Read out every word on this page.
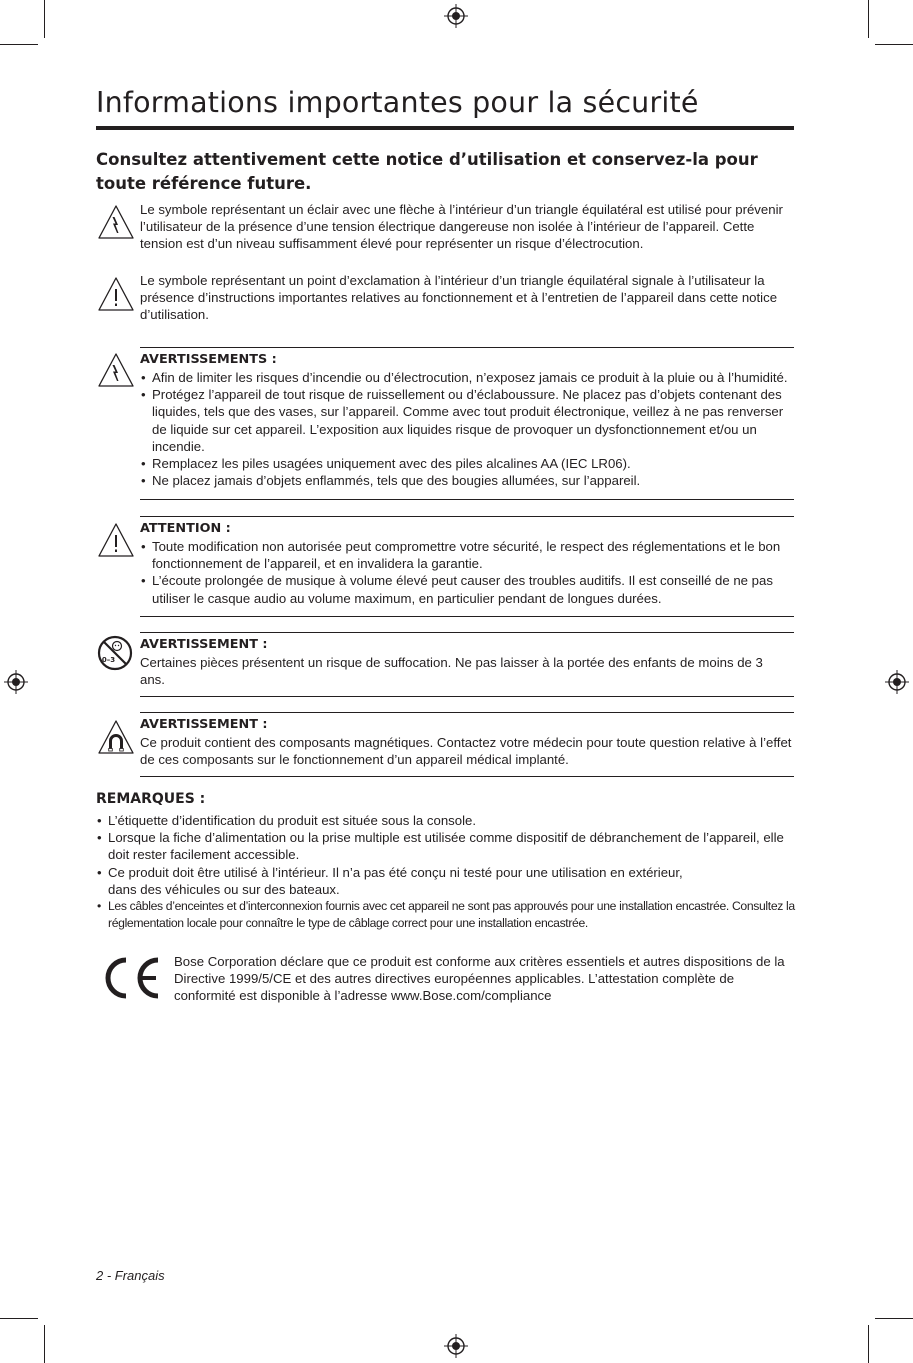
Informations importantes pour la sécurité

Consultez attentivement cette notice d’utilisation et conservez-la pour toute référence future.

Le symbole représentant un éclair avec une flèche à l’intérieur d’un triangle équilatéral est utilisé pour prévenir l’utilisateur de la présence d’une tension électrique dangereuse non isolée à l’intérieur de l’appareil. Cette tension est d’un niveau suffisamment élevé pour représenter un risque d’électrocution.
Le symbole représentant un point d’exclamation à l’intérieur d’un triangle équilatéral signale à l’utilisateur la présence d’instructions importantes relatives au fonctionnement et à l’entretien de l’appareil dans cette notice d’utilisation.
AVERTISSEMENTS :
• Afin de limiter les risques d’incendie ou d’électrocution, n’exposez jamais ce produit à la pluie ou à l’humidité.
• Protégez l’appareil de tout risque de ruissellement ou d’éclaboussure. Ne placez pas d’objets contenant des liquides, tels que des vases, sur l’appareil. Comme avec tout produit électronique, veillez à ne pas renverser de liquide sur cet appareil. L’exposition aux liquides risque de provoquer un dysfonctionnement et/ou un incendie.
• Remplacez les piles usagées uniquement avec des piles alcalines AA (IEC LR06).
• Ne placez jamais d’objets enflammés, tels que des bougies allumées, sur l’appareil.
ATTENTION :
• Toute modification non autorisée peut compromettre votre sécurité, le respect des réglementations et le bon fonctionnement de l’appareil, et en invalidera la garantie.
• L’écoute prolongée de musique à volume élevé peut causer des troubles auditifs. Il est conseillé de ne pas utiliser le casque audio au volume maximum, en particulier pendant de longues durées.
0–3
AVERTISSEMENT :
Certaines pièces présentent un risque de suffocation. Ne pas laisser à la portée des enfants de moins de 3 ans.
AVERTISSEMENT :
Ce produit contient des composants magnétiques. Contactez votre médecin pour toute question relative à l’effet de ces composants sur le fonctionnement d’un appareil médical implanté.
REMARQUES :
• L’étiquette d’identification du produit est située sous la console.
• Lorsque la fiche d’alimentation ou la prise multiple est utilisée comme dispositif de débranchement de l’appareil, elle doit rester facilement accessible.
• Ce produit doit être utilisé à l’intérieur. Il n’a pas été conçu ni testé pour une utilisation en extérieur, dans des véhicules ou sur des bateaux.
• Les câbles d’enceintes et d’interconnexion fournis avec cet appareil ne sont pas approuvés pour une installation encastrée. Consultez la réglementation locale pour connaître le type de câblage correct pour une installation encastrée.
Bose Corporation déclare que ce produit est conforme aux critères essentiels et autres dispositions de la Directive 1999/5/CE et des autres directives européennes applicables. L’attestation complète de conformité est disponible à l’adresse www.Bose.com/compliance
2 - Français
